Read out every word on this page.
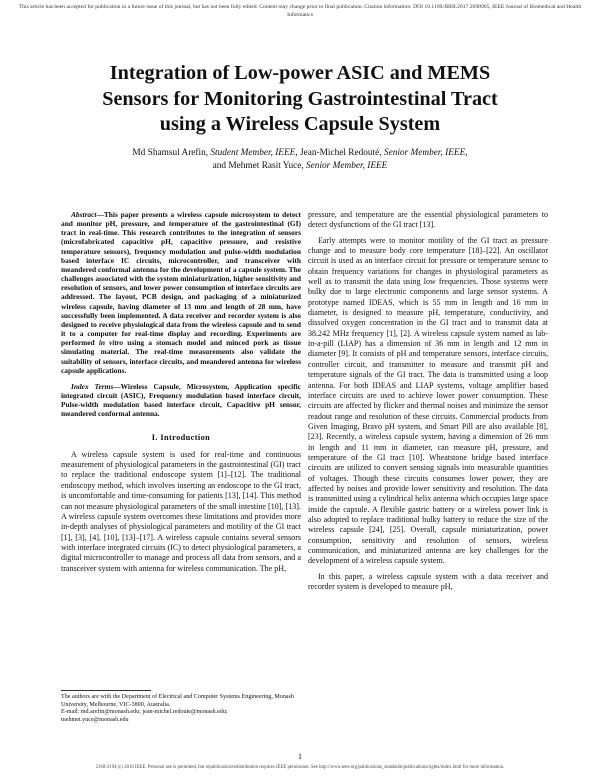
This article has been accepted for publication in a future issue of this journal, but has not been fully edited. Content may change prior to final publication. Citation information: DOI 10.1109/JBHI.2017.2690965, IEEE Journal of Biomedical and Health Informatics
Integration of Low-power ASIC and MEMS
Sensors for Monitoring Gastrointestinal Tract
using a Wireless Capsule System
Md Shamsul Arefin, Student Member, IEEE, Jean-Michel Redouté, Senior Member, IEEE,
and Mehmet Rasit Yuce, Senior Member, IEEE

Abstract—This paper presents a wireless capsule microsystem to detect and monitor pH, pressure, and temperature of the gastrointestinal (GI) tract in real-time. This research contributes to the integration of sensors (microfabricated capacitive pH, capacitive pressure, and resistive temperature sensors), frequency modulation and pulse-width modulation based interface IC circuits, microcontroller, and transceiver with meandered conformal antenna for the development of a capsule system. The challenges associated with the system miniaturization, higher sensitivity and resolution of sensors, and lower power consumption of interface circuits are addressed. The layout, PCB design, and packaging of a miniaturized wireless capsule, having diameter of 13 mm and length of 28 mm, have successfully been implemented. A data receiver and recorder system is also designed to receive physiological data from the wireless capsule and to send it to a computer for real-time display and recording. Experiments are performed in vitro using a stomach model and minced pork as tissue simulating material. The real-time measurements also validate the suitability of sensors, interface circuits, and meandered antenna for wireless capsule applications.

Index Terms—Wireless Capsule, Microsystem, Application specific integrated circuit (ASIC), Frequency modulation based interface circuit, Pulse-width modulation based interface circuit, Capacitive pH sensor, meandered conformal antenna.

I. Introduction

A wireless capsule system is used for real-time and continuous measurement of physiological parameters in the gastrointestinal (GI) tract to replace the traditional endoscope system [1]–[12]. The traditional endoscopy method, which involves inserting an endoscope to the GI tract, is uncomfortable and time-consuming for patients [13], [14]. This method can not measure physiological parameters of the small intestine [10], [13]. A wireless capsule system overcomes these limitations and provides more in-depth analyses of physiological parameters and motility of the GI tract [1], [3], [4], [10], [13]–[17]. A wireless capsule contains several sensors with interface integrated circuits (IC) to detect physiological parameters, a digital microcontroller to manage and process all data from sensors, and a transceiver system with antenna for wireless communication. The pH,

pressure, and temperature are the essential physiological parameters to detect dysfunctions of the GI tract [13].

Early attempts were to monitor motility of the GI tract as pressure change and to measure body core temperature [18]–[22]. An oscillator circuit is used as an interface circuit for pressure or temperature sensor to obtain frequency variations for changes in physiological parameters as well as to transmit the data using low frequencies. Those systems were bulky due to large electronic components and large sensor systems. A prototype named IDEAS, which is 55 mm in length and 16 mm in diameter, is designed to measure pH, temperature, conductivity, and dissolved oxygen concentration in the GI tract and to transmit data at 38.242 MHz frequency [1], [2]. A wireless capsule system named as lab-in-a-pill (LIAP) has a dimension of 36 mm in length and 12 mm in diameter [9]. It consists of pH and temperature sensors, interface circuits, controller circuit, and transmitter to measure and transmit pH and temperature signals of the GI tract. The data is transmitted using a loop antenna. For both IDEAS and LIAP systems, voltage amplifier based interface circuits are used to achieve lower power consumption. These circuits are affected by flicker and thermal noises and minimize the sensor readout range and resolution of these circuits. Commercial products from Given Imaging, Bravo pH system, and Smart Pill are also available [8], [23]. Recently, a wireless capsule system, having a dimension of 26 mm in length and 11 mm in diameter, can measure pH, pressure, and temperature of the GI tract [10]. Wheatstone bridge based interface circuits are utilized to convert sensing signals into measurable quantities of voltages. Though these circuits consumes lower power, they are affected by noises and provide lower sensitivity and resolution. The data is transmitted using a cylindrical helix antenna which occupies large space inside the capsule. A flexible gastric battery or a wireless power link is also adopted to replace traditional bulky battery to reduce the size of the wireless capsule [24], [25]. Overall, capsule miniaturization, power consumption, sensitivity and resolution of sensors, wireless communication, and miniaturized antenna are key challenges for the development of a wireless capsule system.

In this paper, a wireless capsule system with a data receiver and recorder system is developed to measure pH,

The authors are with the Department of Electrical and Computer Systems Engineering, Monash University, Melbourne, VIC-3800, Australia.
E-mail: md.arefin@monash.edu; jean-michel.redoute@monash.edu;
mehmet.yuce@monash.edu
1
2168-2194 (c) 2016 IEEE. Personal use is permitted, but republication/redistribution requires IEEE permission. See http://www.ieee.org/publications_standards/publications/rights/index.html for more information.
